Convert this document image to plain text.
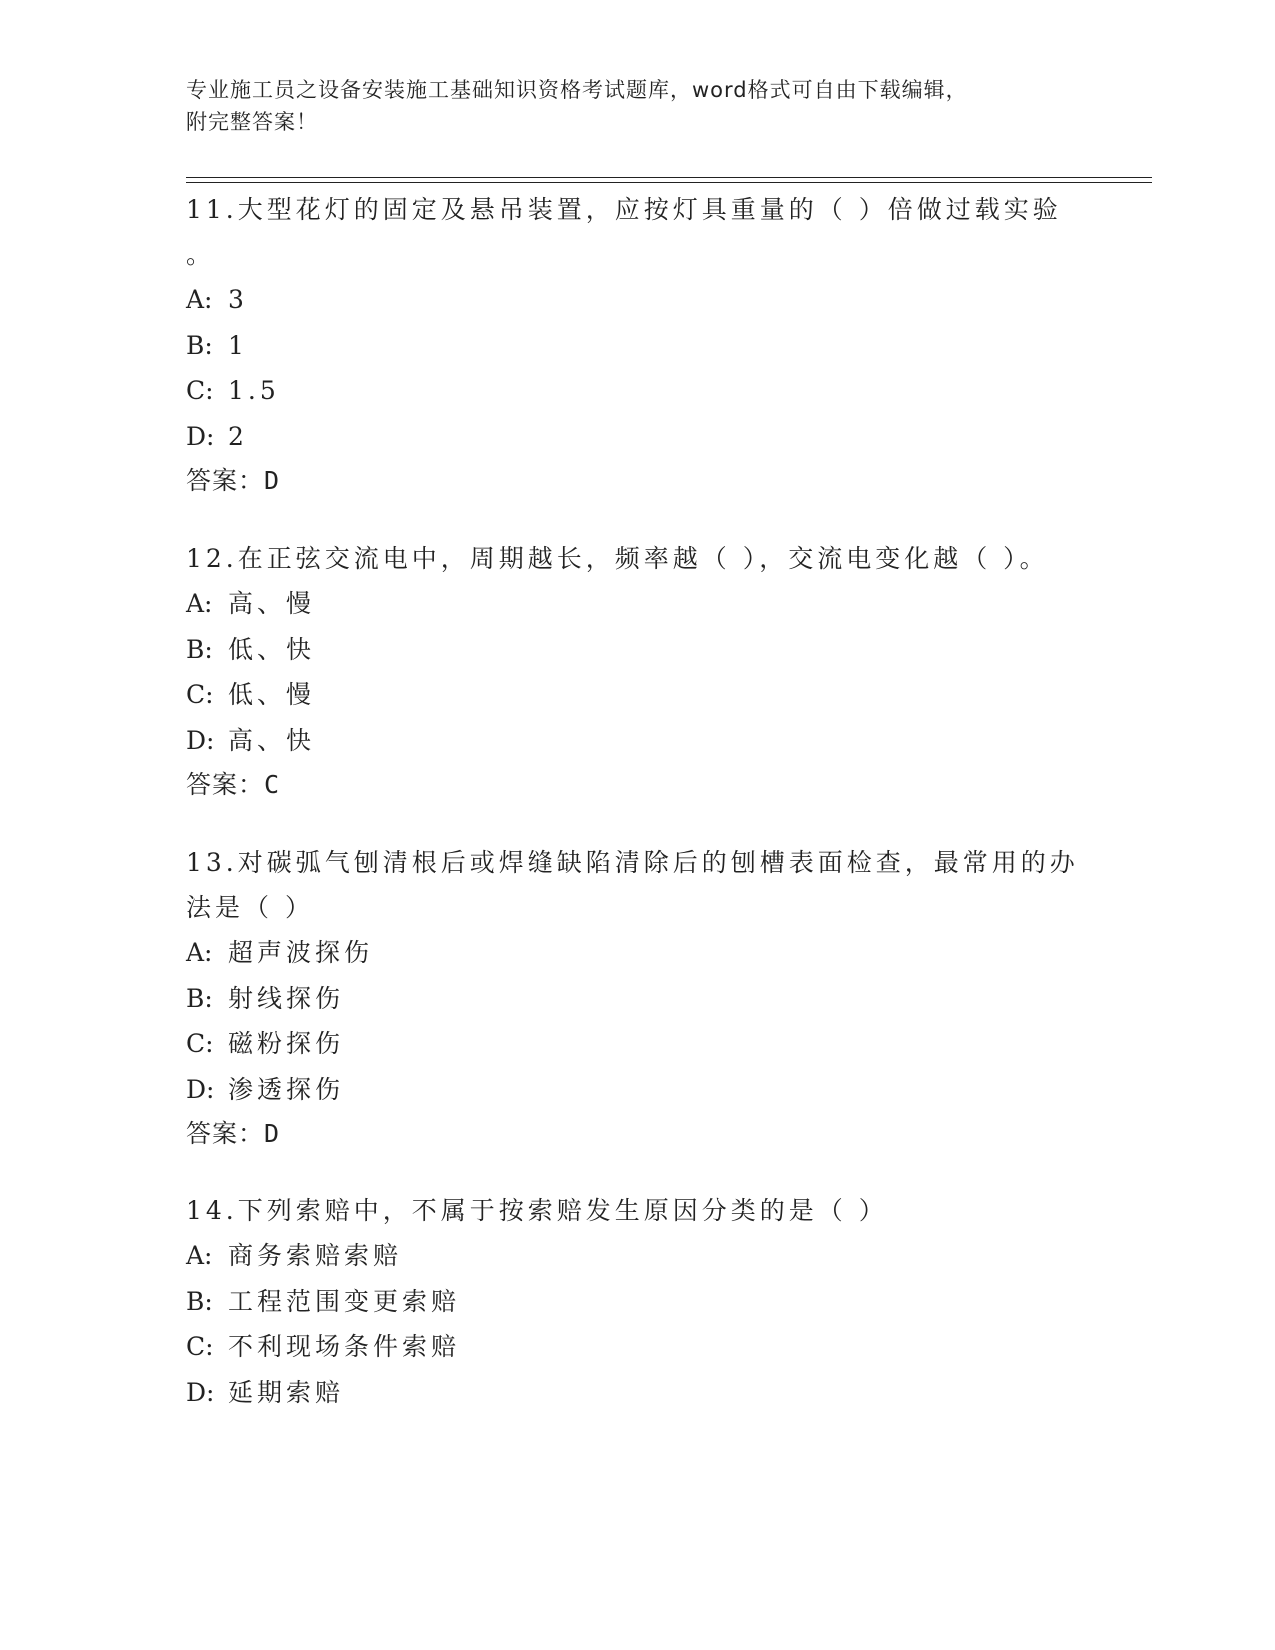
专业施工员之设备安装施工基础知识资格考试题库，word格式可自由下载编辑，
附完整答案！
11.大型花灯的固定及悬吊装置，应按灯具重量的（ ）倍做过载实验
。
A: 3
B: 1
C: 1.5
D: 2
答案：D
12.在正弦交流电中，周期越长，频率越（ ），交流电变化越（ ）。
A: 高、慢
B: 低、快
C: 低、慢
D: 高、快
答案：C
13.对碳弧气刨清根后或焊缝缺陷清除后的刨槽表面检查，最常用的办
法是（ ）
A: 超声波探伤
B: 射线探伤
C: 磁粉探伤
D: 渗透探伤
答案：D
14.下列索赔中，不属于按索赔发生原因分类的是（ ）
A: 商务索赔索赔
B: 工程范围变更索赔
C: 不利现场条件索赔
D: 延期索赔
